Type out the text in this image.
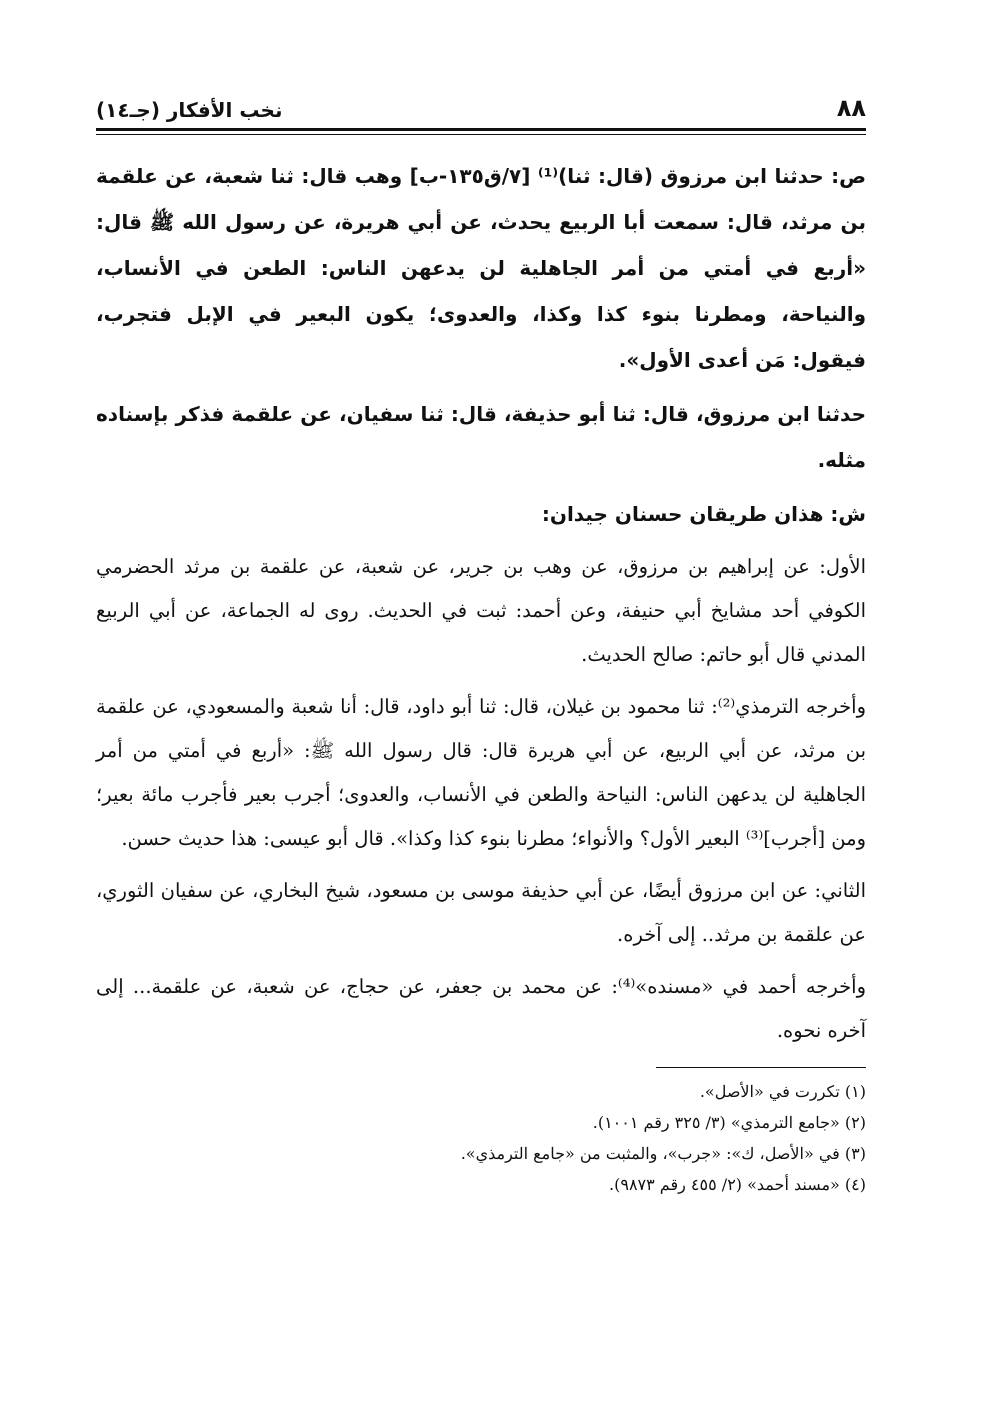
٨٨
نخب الأفكار (جـ١٤)

ص: حدثنا ابن مرزوق (قال: ثنا)⁽¹⁾ [٧/ق١٣٥-ب] وهب قال: ثنا شعبة، عن علقمة بن مرثد، قال: سمعت أبا الربيع يحدث، عن أبي هريرة، عن رسول الله ﷺ قال: «أربع في أمتي من أمر الجاهلية لن يدعهن الناس: الطعن في الأنساب، والنياحة، ومطرنا بنوء كذا وكذا، والعدوى؛ يكون البعير في الإبل فتجرب، فيقول: مَن أعدى الأول».

حدثنا ابن مرزوق، قال: ثنا أبو حذيفة، قال: ثنا سفيان، عن علقمة فذكر بإسناده مثله.

ش: هذان طريقان حسنان جيدان:

الأول: عن إبراهيم بن مرزوق، عن وهب بن جرير، عن شعبة، عن علقمة بن مرثد الحضرمي الكوفي أحد مشايخ أبي حنيفة، وعن أحمد: ثبت في الحديث. روى له الجماعة، عن أبي الربيع المدني قال أبو حاتم: صالح الحديث.

وأخرجه الترمذي⁽²⁾: ثنا محمود بن غيلان، قال: ثنا أبو داود، قال: أنا شعبة والمسعودي، عن علقمة بن مرثد، عن أبي الربيع، عن أبي هريرة قال: قال رسول الله ﷺ: «أربع في أمتي من أمر الجاهلية لن يدعهن الناس: النياحة والطعن في الأنساب، والعدوى؛ أجرب بعير فأجرب مائة بعير؛ ومن [أجرب]⁽³⁾ البعير الأول؟ والأنواء؛ مطرنا بنوء كذا وكذا». قال أبو عيسى: هذا حديث حسن.

الثاني: عن ابن مرزوق أيضًا، عن أبي حذيفة موسى بن مسعود، شيخ البخاري، عن سفيان الثوري، عن علقمة بن مرثد.. إلى آخره.

وأخرجه أحمد في «مسنده»⁽⁴⁾: عن محمد بن جعفر، عن حجاج، عن شعبة، عن علقمة... إلى آخره نحوه.

(١) تكررت في «الأصل».

(٢) «جامع الترمذي» (٣/ ٣٢٥ رقم ١٠٠١).

(٣) في «الأصل، ك»: «جرب»، والمثبت من «جامع الترمذي».

(٤) «مسند أحمد» (٢/ ٤٥٥ رقم ٩٨٧٣).
